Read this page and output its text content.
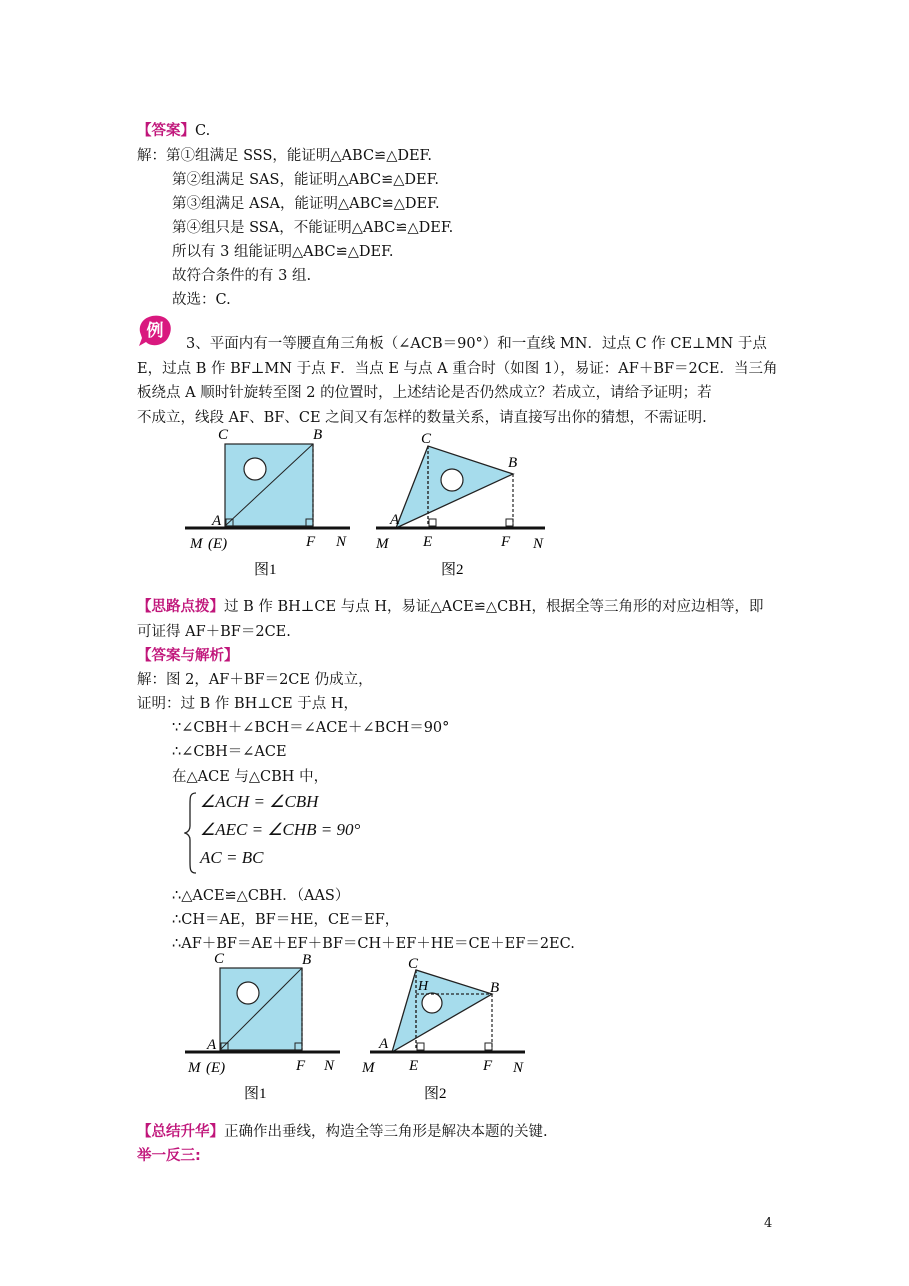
【答案】C.
解：第①组满足 SSS，能证明△ABC≌△DEF.
第②组满足 SAS，能证明△ABC≌△DEF.
第③组满足 ASA，能证明△ABC≌△DEF.
第④组只是 SSA，不能证明△ABC≌△DEF.
所以有 3 组能证明△ABC≌△DEF.
故符合条件的有 3 组.
故选：C.
例
3、平面内有一等腰直角三角板（∠ACB＝90°）和一直线 MN．过点 C 作 CE⊥MN 于点
E，过点 B 作 BF⊥MN 于点 F．当点 E 与点 A 重合时（如图 1），易证：AF＋BF＝2CE．当三角
板绕点 A 顺时针旋转至图 2 的位置时，上述结论是否仍然成立？若成立，请给予证明；若
不成立，线段 AF、BF、CE 之间又有怎样的数量关系，请直接写出你的猜想，不需证明.
C	B
A
M (E)	F N
图1
C
B
A
M E	F N
图2
【思路点拨】过 B 作 BH⊥CE 与点 H，易证△ACE≌△CBH，根据全等三角形的对应边相等，即
可证得 AF＋BF＝2CE.
【答案与解析】
解：图 2，AF＋BF＝2CE 仍成立，
证明：过 B 作 BH⊥CE 于点 H，
∵∠CBH＋∠BCH＝∠ACE＋∠BCH＝90°
∴∠CBH＝∠ACE
在△ACE 与△CBH 中，
∠ACH = ∠CBH
∠AEC = ∠CHB = 90°
AC = BC
∴△ACE≌△CBH．（AAS）
∴CH＝AE，BF＝HE，CE＝EF，
∴AF＋BF＝AE＋EF＋BF＝CH＋EF＋HE＝CE＋EF＝2EC.
C	B
A
M (E)	F N
图1
C
H	B
A
M E	F N
图2
【总结升华】正确作出垂线，构造全等三角形是解决本题的关键.
举一反三:
4
